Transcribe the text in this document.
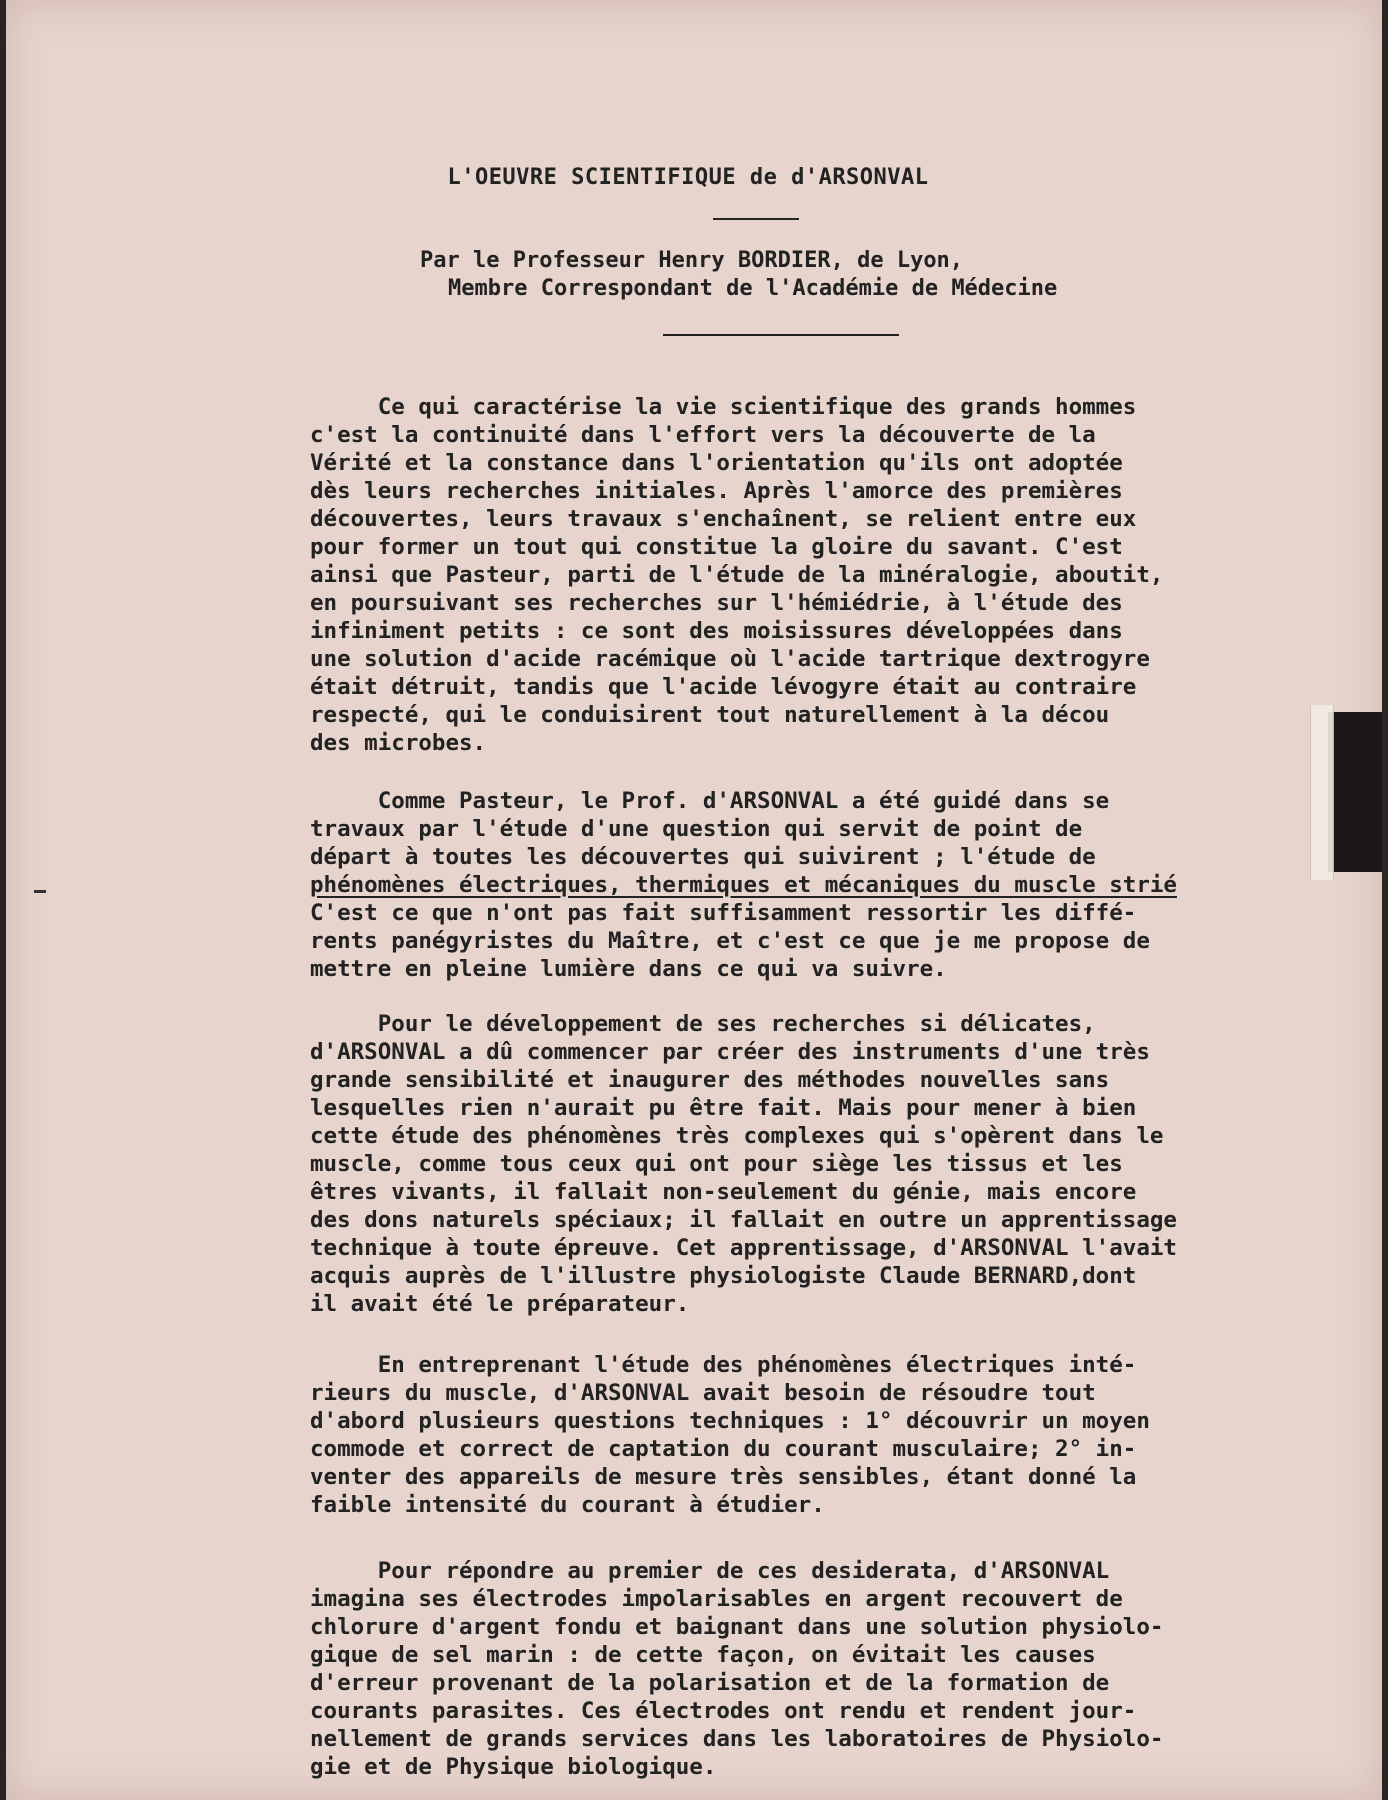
L'OEUVRE SCIENTIFIQUE de d'ARSONVAL
Par le Professeur Henry BORDIER, de Lyon,
Membre Correspondant de l'Académie de Médecine
Ce qui caractérise la vie scientifique des grands hommes
c'est la continuité dans l'effort vers la découverte de la
Vérité et la constance dans l'orientation qu'ils ont adoptée
dès leurs recherches initiales. Après l'amorce des premières
découvertes, leurs travaux s'enchaînent, se relient entre eux
pour former un tout qui constitue la gloire du savant. C'est
ainsi que Pasteur, parti de l'étude de la minéralogie, aboutit,
en poursuivant ses recherches sur l'hémiédrie, à l'étude des
infiniment petits : ce sont des moisissures développées dans
une solution d'acide racémique où l'acide tartrique dextrogyre
était détruit, tandis que l'acide lévogyre était au contraire
respecté, qui le conduisirent tout naturellement à la décou
des microbes.
Comme Pasteur, le Prof. d'ARSONVAL a été guidé dans se
travaux par l'étude d'une question qui servit de point de
départ à toutes les découvertes qui suivirent ; l'étude de
phénomènes électriques, thermiques et mécaniques du muscle strié
C'est ce que n'ont pas fait suffisamment ressortir les diffé-
rents panégyristes du Maître, et c'est ce que je me propose de
mettre en pleine lumière dans ce qui va suivre.
Pour le développement de ses recherches si délicates,
d'ARSONVAL a dû commencer par créer des instruments d'une très
grande sensibilité et inaugurer des méthodes nouvelles sans
lesquelles rien n'aurait pu être fait. Mais pour mener à bien
cette étude des phénomènes très complexes qui s'opèrent dans le
muscle, comme tous ceux qui ont pour siège les tissus et les
êtres vivants, il fallait non-seulement du génie, mais encore
des dons naturels spéciaux; il fallait en outre un apprentissage
technique à toute épreuve. Cet apprentissage, d'ARSONVAL l'avait
acquis auprès de l'illustre physiologiste Claude BERNARD,dont
il avait été le préparateur.
En entreprenant l'étude des phénomènes électriques inté-
rieurs du muscle, d'ARSONVAL avait besoin de résoudre tout
d'abord plusieurs questions techniques : 1° découvrir un moyen
commode et correct de captation du courant musculaire; 2° in-
venter des appareils de mesure très sensibles, étant donné la
faible intensité du courant à étudier.
Pour répondre au premier de ces desiderata, d'ARSONVAL
imagina ses électrodes impolarisables en argent recouvert de
chlorure d'argent fondu et baignant dans une solution physiolo-
gique de sel marin : de cette façon, on évitait les causes
d'erreur provenant de la polarisation et de la formation de
courants parasites. Ces électrodes ont rendu et rendent jour-
nellement de grands services dans les laboratoires de Physiolo-
gie et de Physique biologique.
